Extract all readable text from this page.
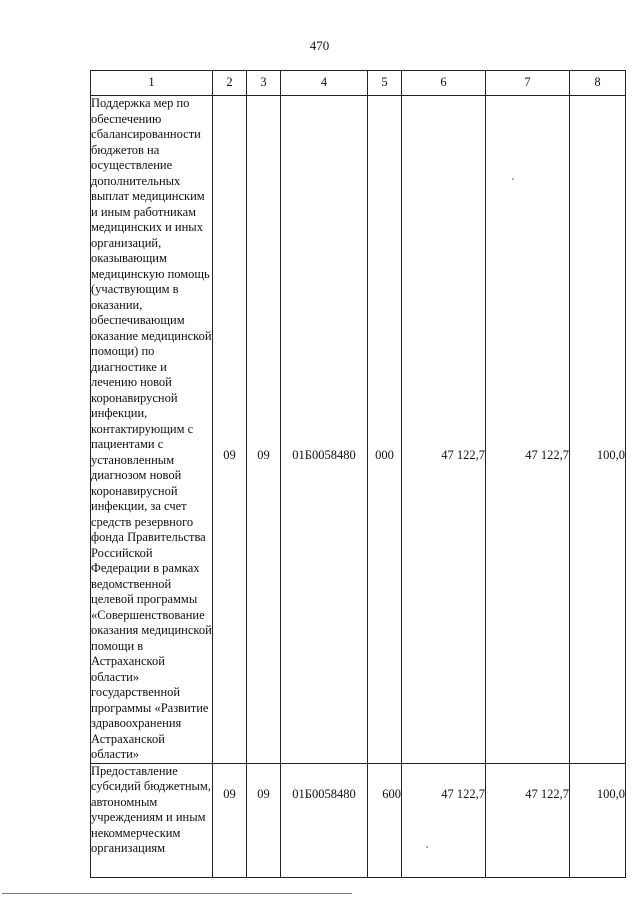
470
1	2	3	4	5	6	7	8
Поддержка мер по обеспечению сбалансированности бюджетов на осуществление дополнительных выплат медицинским и иным работникам медицинских и иных организаций, оказывающим медицинскую помощь (участвующим в оказании, обеспечивающим оказание медицинской помощи) по диагностике и лечению новой коронавирусной инфекции, контактирующим с пациентами с установленным диагнозом новой коронавирусной инфекции, за счет средств резервного фонда Правительства Российской Федерации в рамках ведомственной целевой программы «Совершенствование оказания медицинской помощи в Астраханской области» государственной программы «Развитие здравоохранения Астраханской области»	09	09	01Б0058480	000	47 122,7	47 122,7	100,0
Предоставление субсидий бюджетным, автономным учреждениям и иным некоммерческим организациям	09	09	01Б0058480	600	47 122,7	47 122,7	100,0
